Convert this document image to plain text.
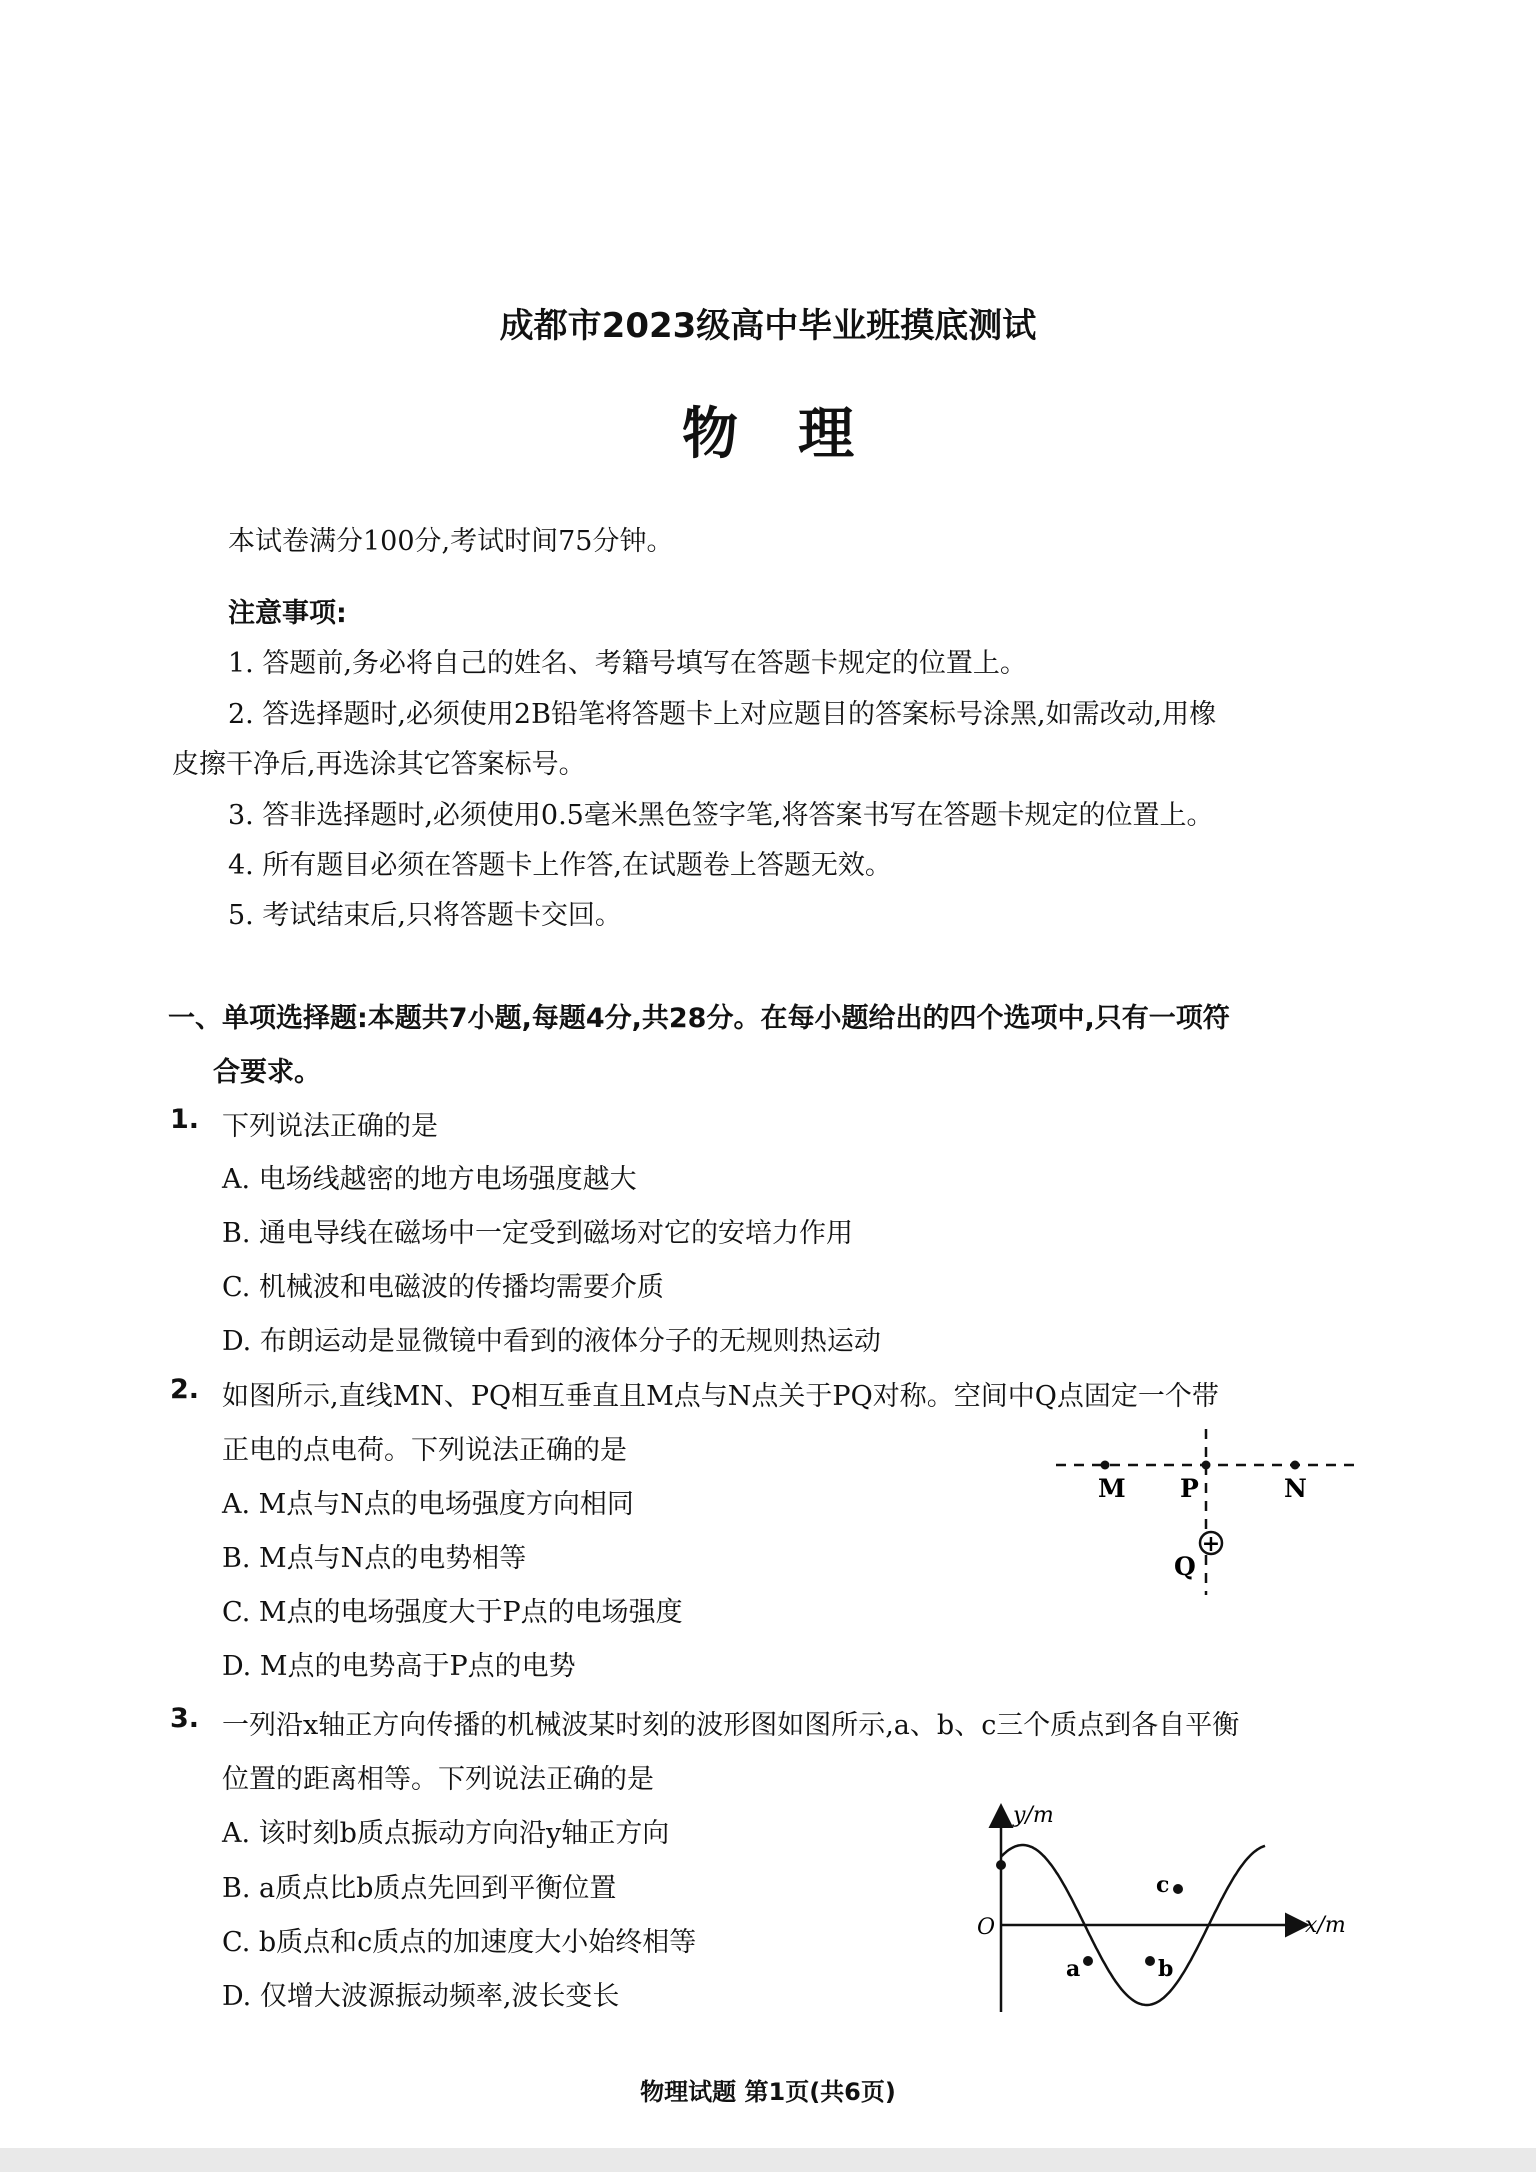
成都市2023级高中毕业班摸底测试
物理
本试卷满分100分,考试时间75分钟。
注意事项:
1. 答题前,务必将自己的姓名、考籍号填写在答题卡规定的位置上。
2. 答选择题时,必须使用2B铅笔将答题卡上对应题目的答案标号涂黑,如需改动,用橡
皮擦干净后,再选涂其它答案标号。
3. 答非选择题时,必须使用0.5毫米黑色签字笔,将答案书写在答题卡规定的位置上。
4. 所有题目必须在答题卡上作答,在试题卷上答题无效。
5. 考试结束后,只将答题卡交回。
一、单项选择题:本题共7小题,每题4分,共28分。在每小题给出的四个选项中,只有一项符
合要求。
1. 下列说法正确的是
A. 电场线越密的地方电场强度越大
B. 通电导线在磁场中一定受到磁场对它的安培力作用
C. 机械波和电磁波的传播均需要介质
D. 布朗运动是显微镜中看到的液体分子的无规则热运动
2. 如图所示,直线MN、PQ相互垂直且M点与N点关于PQ对称。空间中Q点固定一个带
正电的点电荷。下列说法正确的是
A. M点与N点的电场强度方向相同
B. M点与N点的电势相等
C. M点的电场强度大于P点的电场强度
D. M点的电势高于P点的电势
+
M P	N
Q
3. 一列沿x轴正方向传播的机械波某时刻的波形图如图所示,a、b、c三个质点到各自平衡
位置的距离相等。下列说法正确的是
A. 该时刻b质点振动方向沿y轴正方向
B. a质点比b质点先回到平衡位置
C. b质点和c质点的加速度大小始终相等
D. 仅增大波源振动频率,波长变长
y/m
x/m
O
a	b
c
物理试题 第1页(共6页)
